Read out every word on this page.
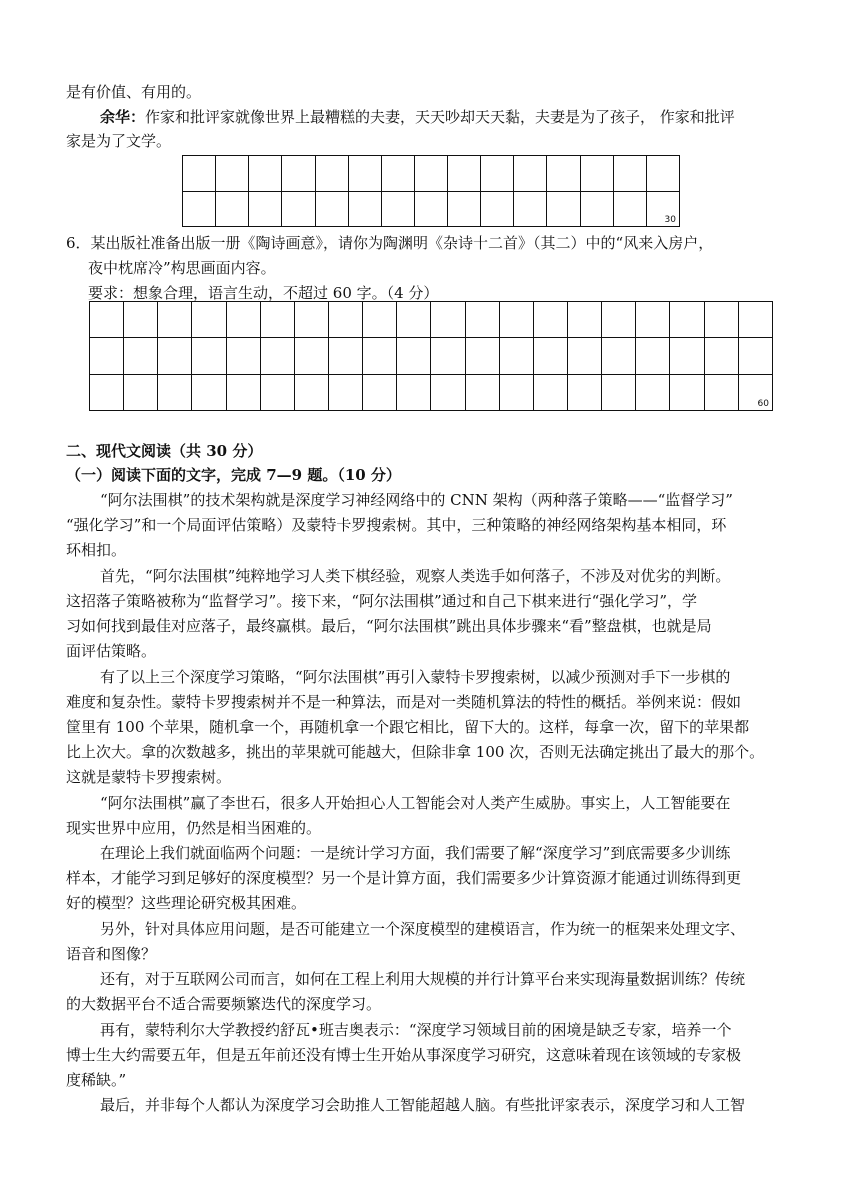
是有价值、有用的。
余华：作家和批评家就像世界上最糟糕的夫妻，天天吵却天天黏，夫妻是为了孩子， 作家和批评
家是为了文学。

														30
6．某出版社准备出版一册《陶诗画意》，请你为陶渊明《杂诗十二首》（其二）中的“风来入房户，
夜中枕席冷”构思画面内容。
要求：想象合理，语言生动，不超过 60 字。（4 分）

																			60
二、现代文阅读（共 30 分）
（一）阅读下面的文字，完成 7—9 题。（10 分）
“阿尔法围棋”的技术架构就是深度学习神经网络中的 CNN 架构（两种落子策略——“监督学习”
“强化学习”和一个局面评估策略）及蒙特卡罗搜索树。其中，三种策略的神经网络架构基本相同，环
环相扣。
首先，“阿尔法围棋”纯粹地学习人类下棋经验，观察人类选手如何落子，不涉及对优劣的判断。
这招落子策略被称为“监督学习”。接下来，“阿尔法围棋”通过和自己下棋来进行“强化学习”，学
习如何找到最佳对应落子，最终赢棋。最后，“阿尔法围棋”跳出具体步骤来“看”整盘棋，也就是局
面评估策略。
有了以上三个深度学习策略，“阿尔法围棋”再引入蒙特卡罗搜索树，以减少预测对手下一步棋的
难度和复杂性。蒙特卡罗搜索树并不是一种算法，而是对一类随机算法的特性的概括。举例来说：假如
筐里有 100 个苹果，随机拿一个，再随机拿一个跟它相比，留下大的。这样，每拿一次，留下的苹果都
比上次大。拿的次数越多，挑出的苹果就可能越大，但除非拿 100 次，否则无法确定挑出了最大的那个。
这就是蒙特卡罗搜索树。
“阿尔法围棋”赢了李世石，很多人开始担心人工智能会对人类产生威胁。事实上，人工智能要在
现实世界中应用，仍然是相当困难的。
在理论上我们就面临两个问题：一是统计学习方面，我们需要了解“深度学习”到底需要多少训练
样本，才能学习到足够好的深度模型？另一个是计算方面，我们需要多少计算资源才能通过训练得到更
好的模型？这些理论研究极其困难。
另外，针对具体应用问题，是否可能建立一个深度模型的建模语言，作为统一的框架来处理文字、
语音和图像？
还有，对于互联网公司而言，如何在工程上利用大规模的并行计算平台来实现海量数据训练？传统
的大数据平台不适合需要频繁迭代的深度学习。
再有，蒙特利尔大学教授约舒瓦•班吉奥表示：“深度学习领域目前的困境是缺乏专家，培养一个
博士生大约需要五年，但是五年前还没有博士生开始从事深度学习研究，这意味着现在该领域的专家极
度稀缺。”
最后，并非每个人都认为深度学习会助推人工智能超越人脑。有些批评家表示，深度学习和人工智
